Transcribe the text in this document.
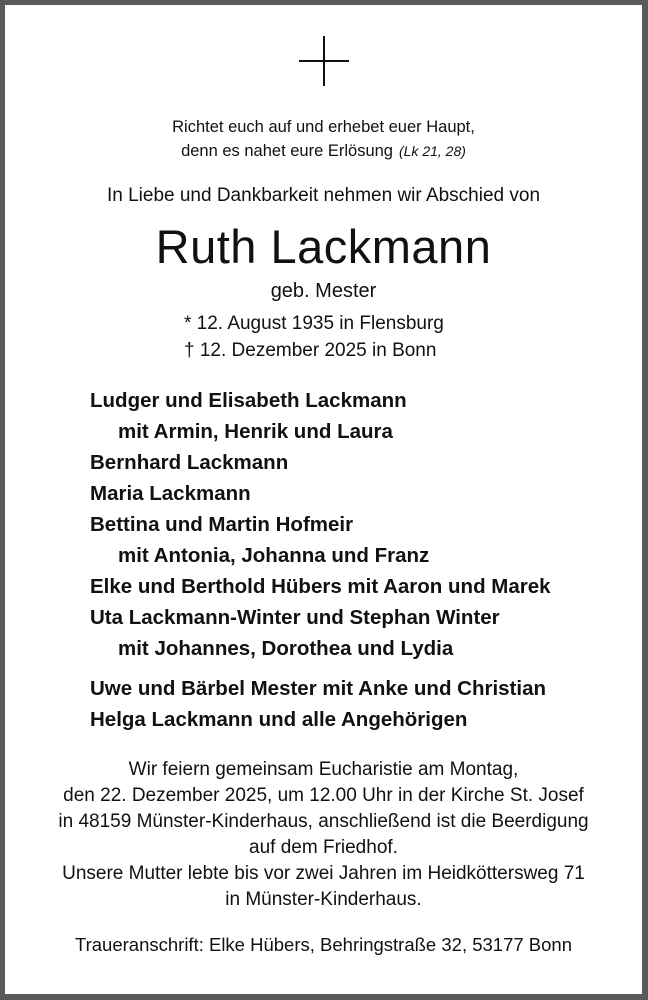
Richtet euch auf und erhebet euer Haupt,
denn es nahet eure Erlösung (Lk 21, 28)
In Liebe und Dankbarkeit nehmen wir Abschied von
Ruth Lackmann
geb. Mester
* 12. August 1935 in Flensburg
† 12. Dezember 2025 in Bonn
Ludger und Elisabeth Lackmann
mit Armin, Henrik und Laura
Bernhard Lackmann
Maria Lackmann
Bettina und Martin Hofmeir
mit Antonia, Johanna und Franz
Elke und Berthold Hübers mit Aaron und Marek
Uta Lackmann-Winter und Stephan Winter
mit Johannes, Dorothea und Lydia
Uwe und Bärbel Mester mit Anke und Christian
Helga Lackmann und alle Angehörigen
Wir feiern gemeinsam Eucharistie am Montag,
den 22. Dezember 2025, um 12.00 Uhr in der Kirche St. Josef
in 48159 Münster-Kinderhaus, anschließend ist die Beerdigung
auf dem Friedhof.
Unsere Mutter lebte bis vor zwei Jahren im Heidköttersweg 71
in Münster-Kinderhaus.
Traueranschrift: Elke Hübers, Behringstraße 32, 53177 Bonn
